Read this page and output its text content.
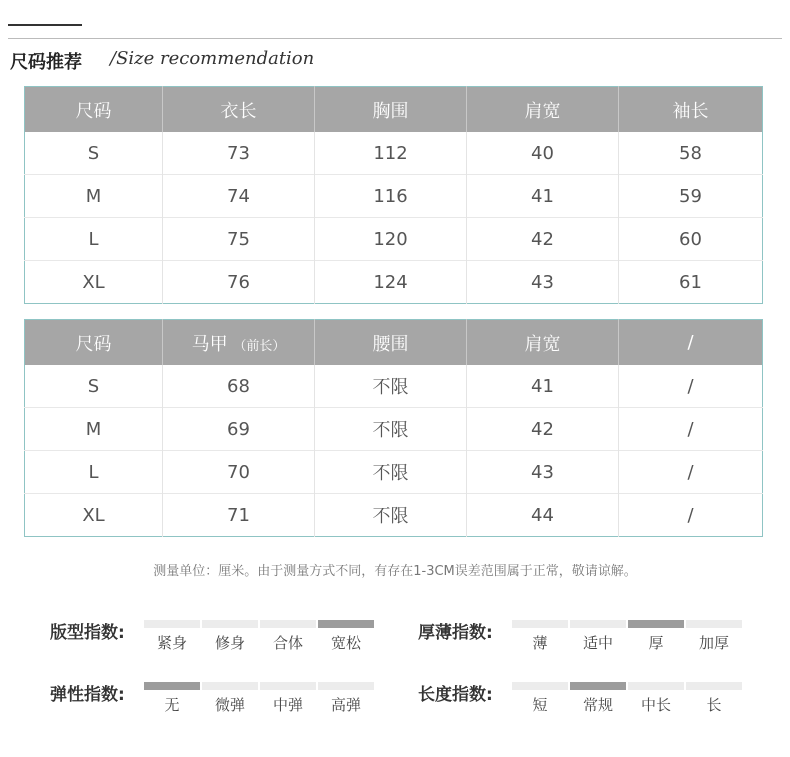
尺码推荐 /Size recommendation
尺码	衣长	胸围	肩宽	袖长
S	73	112	40	58
M	74	116	41	59
L	75	120	42	60
XL	76	124	43	61
尺码	马甲 （前长）	腰围	肩宽	/
S	68	不限	41	/
M	69	不限	42	/
L	70	不限	43	/
XL	71	不限	44	/
测量单位：厘米。由于测量方式不同，有存在1-3CM误差范围属于正常，敬请谅解。
版型指数:	紧身	修身	合体	宽松	厚薄指数:	薄	适中	厚	加厚
弹性指数:	无	微弹	中弹	高弹	长度指数:	短	常规	中长	长
